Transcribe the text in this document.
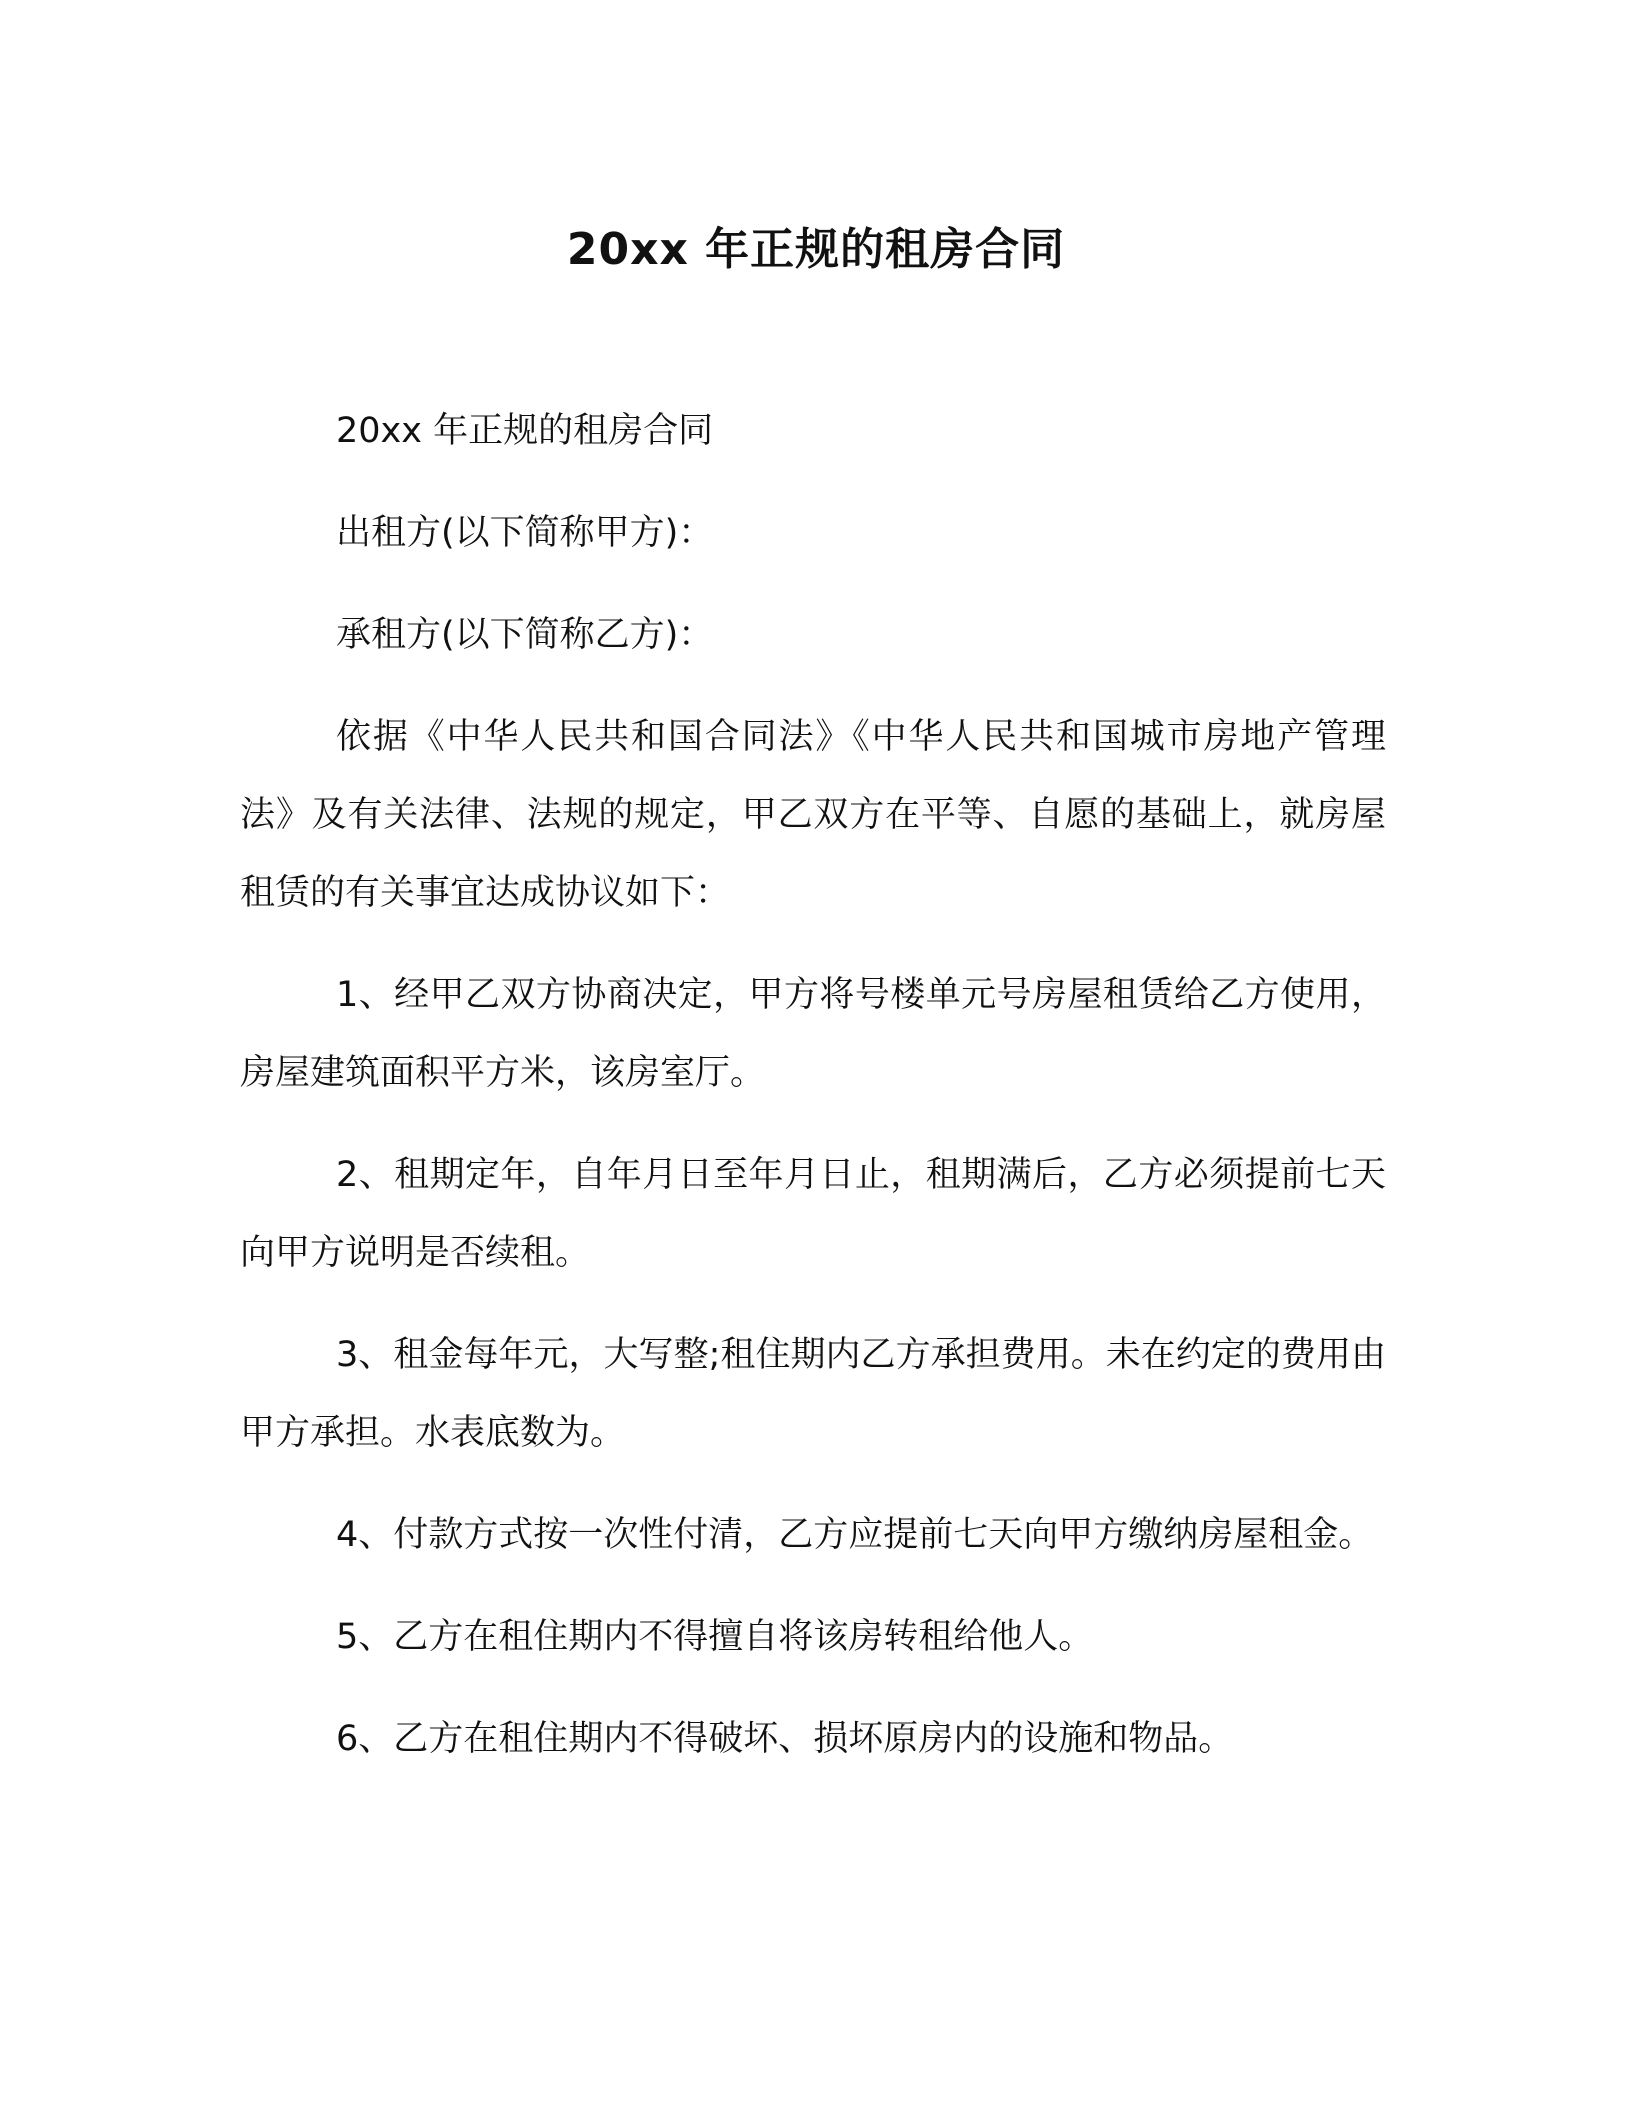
20xx 年正规的租房合同

20xx 年正规的租房合同

出租方(以下简称甲方)：

承租方(以下简称乙方)：

依据《中华人民共和国合同法》《中华人民共和国城市房地产管理法》及有关法律、法规的规定，甲乙双方在平等、自愿的基础上，就房屋租赁的有关事宜达成协议如下：

1、经甲乙双方协商决定，甲方将号楼单元号房屋租赁给乙方使用，房屋建筑面积平方米，该房室厅。

2、租期定年，自年月日至年月日止，租期满后，乙方必须提前七天向甲方说明是否续租。

3、租金每年元，大写整;租住期内乙方承担费用。未在约定的费用由甲方承担。水表底数为。

4、付款方式按一次性付清，乙方应提前七天向甲方缴纳房屋租金。

5、乙方在租住期内不得擅自将该房转租给他人。

6、乙方在租住期内不得破坏、损坏原房内的设施和物品。
